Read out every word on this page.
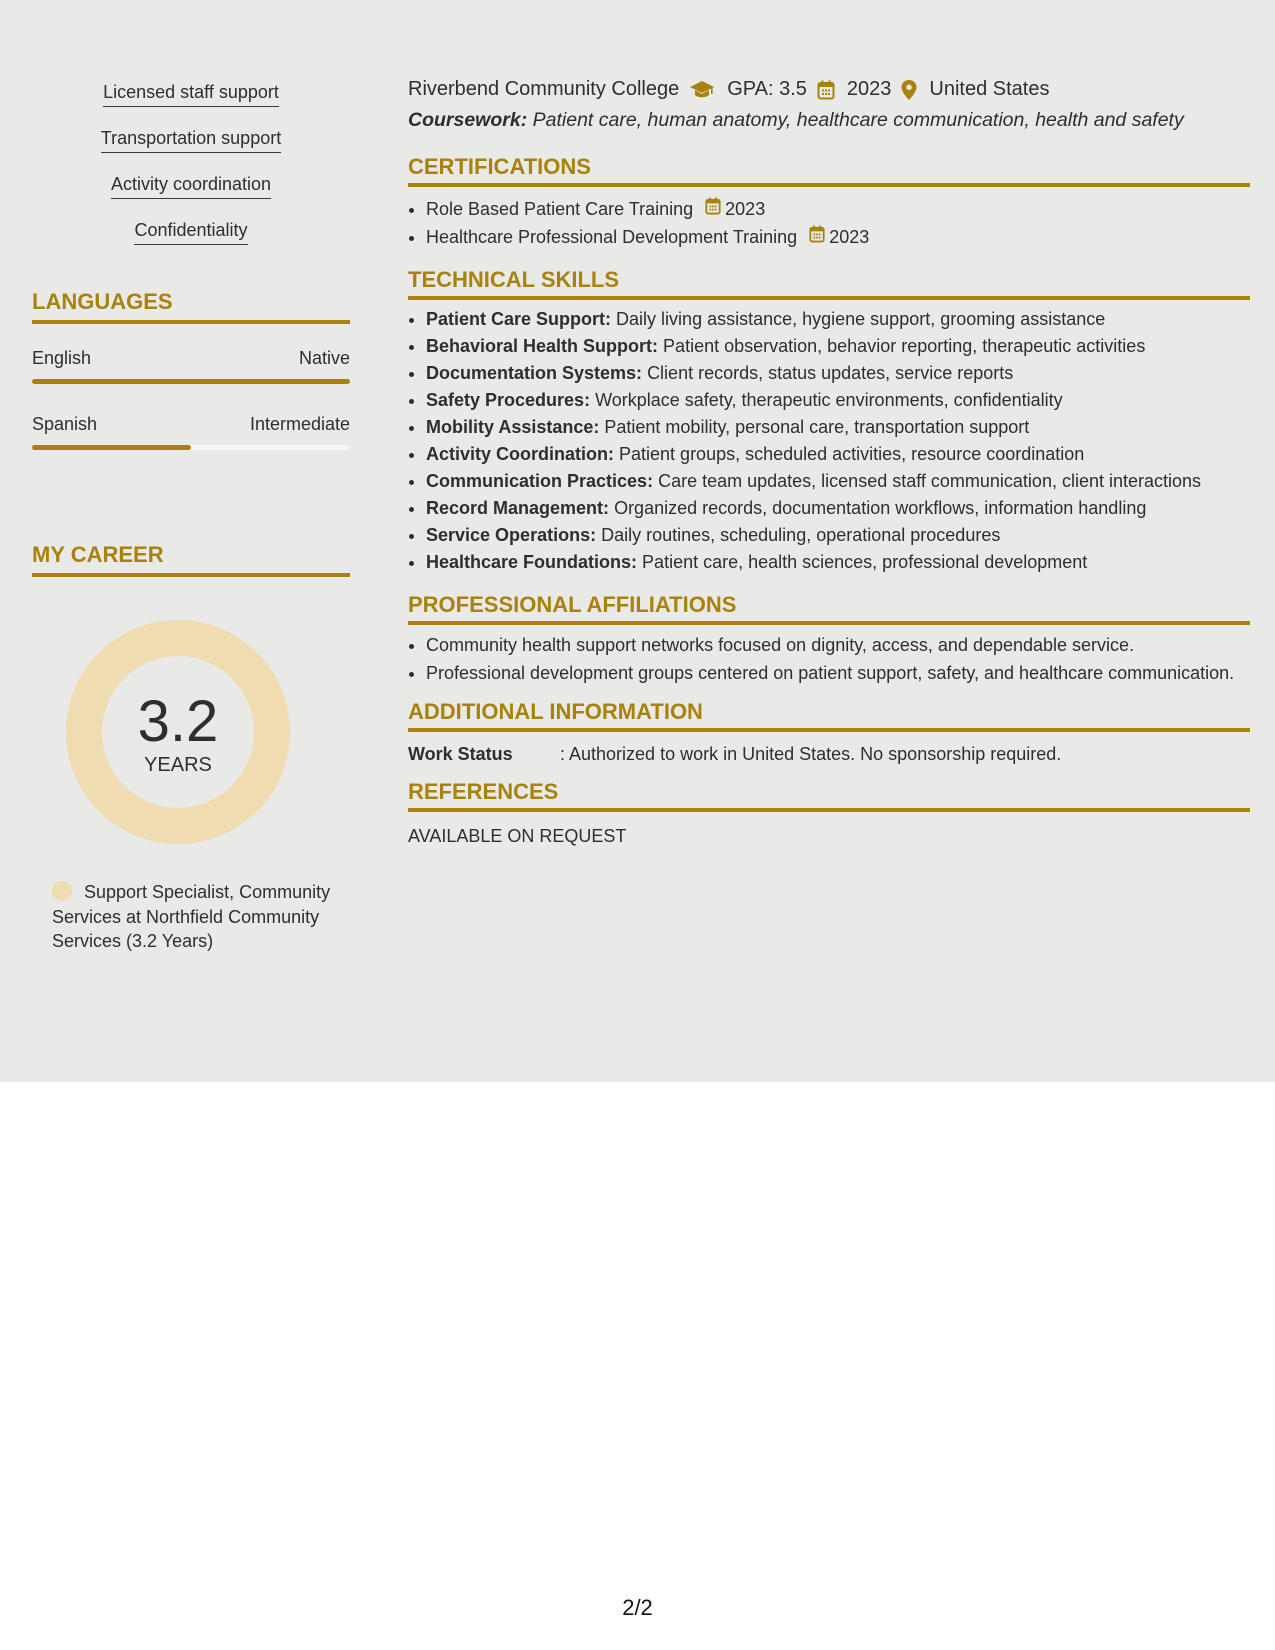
Licensed staff support
Transportation support
Activity coordination
Confidentiality
LANGUAGES
English	Native
Spanish	Intermediate
MY CAREER
3.2
YEARS
Support Specialist, Community Services at Northfield Community Services (3.2 Years)
Riverbend Community College GPA: 3.5 2023 United States
Coursework: Patient care, human anatomy, healthcare communication, health and safety
CERTIFICATIONS
• Role Based Patient Care Training 2023
• Healthcare Professional Development Training 2023
TECHNICAL SKILLS
• Patient Care Support: Daily living assistance, hygiene support, grooming assistance
• Behavioral Health Support: Patient observation, behavior reporting, therapeutic activities
• Documentation Systems: Client records, status updates, service reports
• Safety Procedures: Workplace safety, therapeutic environments, confidentiality
• Mobility Assistance: Patient mobility, personal care, transportation support
• Activity Coordination: Patient groups, scheduled activities, resource coordination
• Communication Practices: Care team updates, licensed staff communication, client interactions
• Record Management: Organized records, documentation workflows, information handling
• Service Operations: Daily routines, scheduling, operational procedures
• Healthcare Foundations: Patient care, health sciences, professional development
PROFESSIONAL AFFILIATIONS
• Community health support networks focused on dignity, access, and dependable service.
• Professional development groups centered on patient support, safety, and healthcare communication.
ADDITIONAL INFORMATION
Work Status	: Authorized to work in United States. No sponsorship required.
REFERENCES
AVAILABLE ON REQUEST
2/2
